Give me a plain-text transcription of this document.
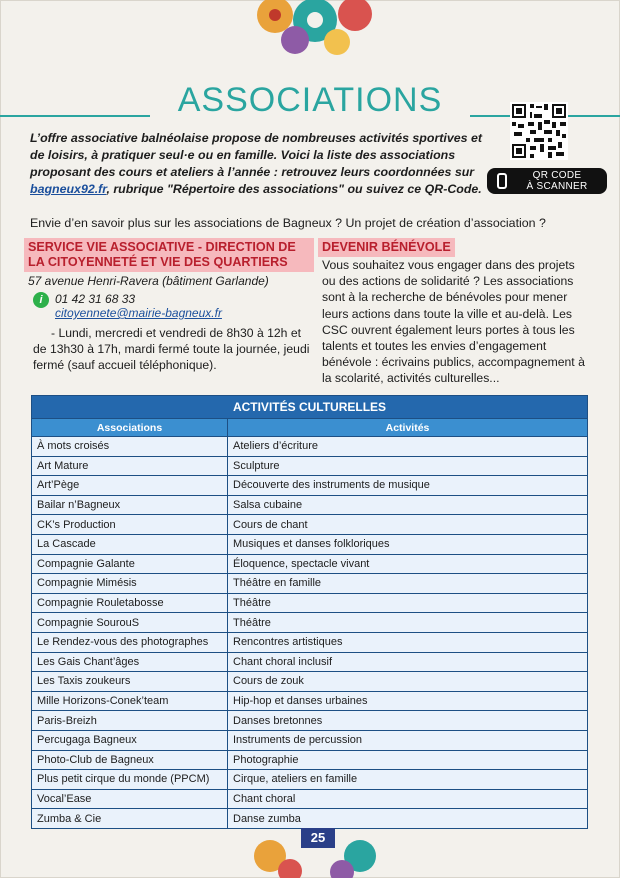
ASSOCIATIONS
L’offre associative balnéolaise propose de nombreuses activités sportives et de loisirs, à pratiquer seul·e ou en famille. Voici la liste des associations proposant des cours et ateliers à l’année : retrouvez leurs coordonnées sur bagneux92.fr, rubrique "Répertoire des associations" ou suivez ce QR-Code.
QR CODE
À SCANNER
Envie d’en savoir plus sur les associations de Bagneux ? Un projet de création d’association ?
SERVICE VIE ASSOCIATIVE - DIRECTION DE LA CITOYENNETÉ ET VIE DES QUARTIERS
57 avenue Henri-Ravera (bâtiment Garlande)
i	01 42 31 68 33
citoyennete@mairie-bagneux.fr
- Lundi, mercredi et vendredi de 8h30 à 12h et de 13h30 à 17h, mardi fermé toute la journée, jeudi fermé (sauf accueil téléphonique).
DEVENIR BÉNÉVOLE
Vous souhaitez vous engager dans des projets ou des actions de solidarité ? Les associations sont à la recherche de bénévoles pour mener leurs actions dans toute la ville et au-delà. Les CSC ouvrent également leurs portes à tous les talents et toutes les envies d’engagement bénévole : écrivains publics, accompagnement à la scolarité, activités culturelles...
ACTIVITÉS CULTURELLES	
Associations	Activités
À mots croisés	Ateliers d’écriture
Art Mature	Sculpture
Art’Pège	Découverte des instruments de musique
Bailar n’Bagneux	Salsa cubaine
CK’s Production	Cours de chant
La Cascade	Musiques et danses folkloriques
Compagnie Galante	Éloquence, spectacle vivant
Compagnie Mimésis	Théâtre en famille
Compagnie Rouletabosse	Théâtre
Compagnie SourouS	Théâtre
Le Rendez-vous des photographes	Rencontres artistiques
Les Gais Chant’âges	Chant choral inclusif
Les Taxis zoukeurs	Cours de zouk
Mille Horizons-Conek’team	Hip-hop et danses urbaines
Paris-Breizh	Danses bretonnes
Percugaga Bagneux	Instruments de percussion
Photo-Club de Bagneux	Photographie
Plus petit cirque du monde (PPCM)	Cirque, ateliers en famille
Vocal’Ease	Chant choral
Zumba & Cie	Danse zumba
25
